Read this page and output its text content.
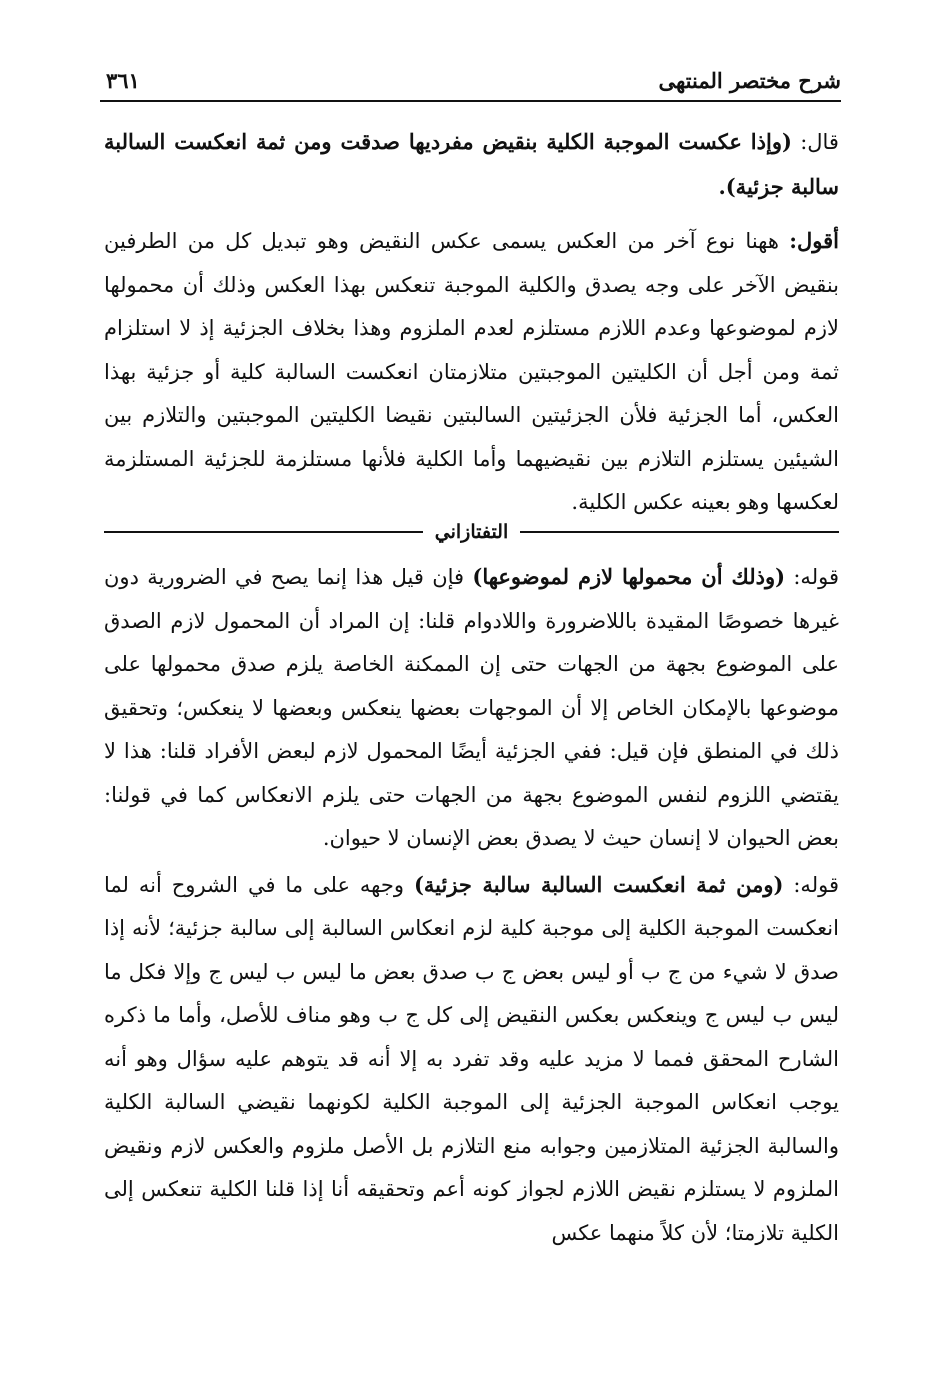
شرح مختصر المنتهى
٣٦١

قال: (وإذا عكست الموجبة الكلية بنقيض مفرديها صدقت ومن ثمة انعكست السالبة سالبة جزئية).

أقول: ههنا نوع آخر من العكس يسمى عكس النقيض وهو تبديل كل من الطرفين بنقيض الآخر على وجه يصدق والكلية الموجبة تنعكس بهذا العكس وذلك أن محمولها لازم لموضوعها وعدم اللازم مستلزم لعدم الملزوم وهذا بخلاف الجزئية إذ لا استلزام ثمة ومن أجل أن الكليتين الموجبتين متلازمتان انعكست السالبة كلية أو جزئية بهذا العكس، أما الجزئية فلأن الجزئيتين السالبتين نقيضا الكليتين الموجبتين والتلازم بين الشيئين يستلزم التلازم بين نقيضيهما وأما الكلية فلأنها مستلزمة للجزئية المستلزمة لعكسها وهو بعينه عكس الكلية.

التفتازاني

قوله: (وذلك أن محمولها لازم لموضوعها) فإن قيل هذا إنما يصح في الضرورية دون غيرها خصوصًا المقيدة باللاضرورة واللادوام قلنا: إن المراد أن المحمول لازم الصدق على الموضوع بجهة من الجهات حتى إن الممكنة الخاصة يلزم صدق محمولها على موضوعها بالإمكان الخاص إلا أن الموجهات بعضها ينعكس وبعضها لا ينعكس؛ وتحقيق ذلك في المنطق فإن قيل: ففي الجزئية أيضًا المحمول لازم لبعض الأفراد قلنا: هذا لا يقتضي اللزوم لنفس الموضوع بجهة من الجهات حتى يلزم الانعكاس كما في قولنا: بعض الحيوان لا إنسان حيث لا يصدق بعض الإنسان لا حيوان.

قوله: (ومن ثمة انعكست السالبة سالبة جزئية) وجهه على ما في الشروح أنه لما انعكست الموجبة الكلية إلى موجبة كلية لزم انعكاس السالبة إلى سالبة جزئية؛ لأنه إذا صدق لا شيء من ج ب أو ليس بعض ج ب صدق بعض ما ليس ب ليس ج وإلا فكل ما ليس ب ليس ج وينعكس بعكس النقيض إلى كل ج ب وهو مناف للأصل، وأما ما ذكره الشارح المحقق فمما لا مزيد عليه وقد تفرد به إلا أنه قد يتوهم عليه سؤال وهو أنه يوجب انعكاس الموجبة الجزئية إلى الموجبة الكلية لكونهما نقيضي السالبة الكلية والسالبة الجزئية المتلازمين وجوابه منع التلازم بل الأصل ملزوم والعكس لازم ونقيض الملزوم لا يستلزم نقيض اللازم لجواز كونه أعم وتحقيقه أنا إذا قلنا الكلية تنعكس إلى الكلية تلازمتا؛ لأن كلاً منهما عكس
